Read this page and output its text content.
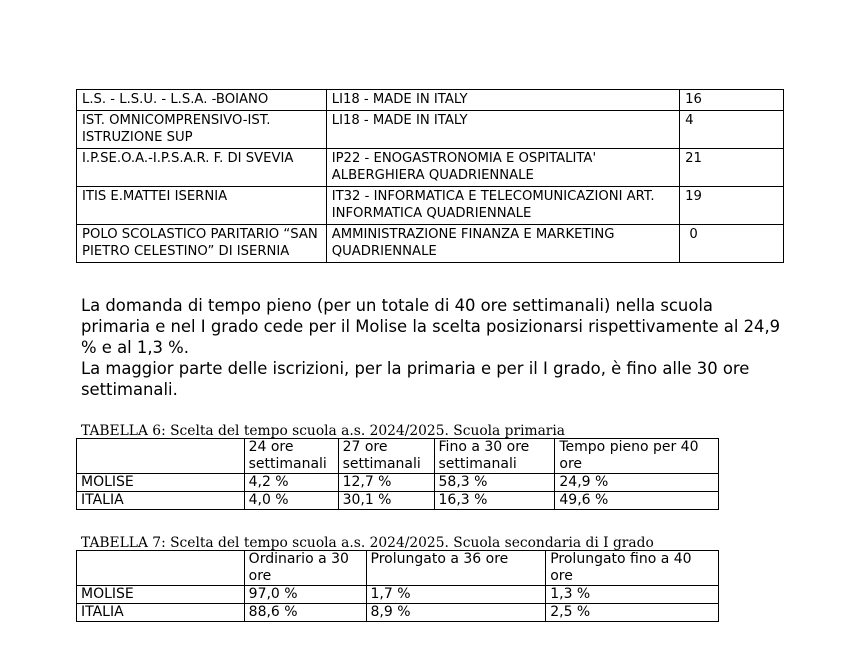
L.S. - L.S.U. - L.S.A. -BOIANO	LI18 - MADE IN ITALY	16
IST. OMNICOMPRENSIVO-IST. ISTRUZIONE SUP	LI18 - MADE IN ITALY	4
I.P.SE.O.A.-I.P.S.A.R. F. DI SVEVIA	IP22 - ENOGASTRONOMIA E OSPITALITA' ALBERGHIERA QUADRIENNALE	21
ITIS E.MATTEI ISERNIA	IT32 - INFORMATICA E TELECOMUNICAZIONI ART. INFORMATICA QUADRIENNALE	19
POLO SCOLASTICO PARITARIO “SAN PIETRO CELESTINO” DI ISERNIA	AMMINISTRAZIONE FINANZA E MARKETING QUADRIENNALE	0

La domanda di tempo pieno (per un totale di 40 ore settimanali) nella scuola primaria e nel I grado cede per il Molise la scelta posizionarsi rispettivamente al 24,9 % e al 1,3 %.

La maggior parte delle iscrizioni, per la primaria e per il I grado, è fino alle 30 ore settimanali.

TABELLA 6: Scelta del tempo scuola a.s. 2024/2025. Scuola primaria
	24 ore settimanali	27 ore settimanali	Fino a 30 ore settimanali	Tempo pieno per 40 ore
MOLISE	4,2 %	12,7 %	58,3 %	24,9 %
ITALIA	4,0 %	30,1 %	16,3 %	49,6 %
TABELLA 7: Scelta del tempo scuola a.s. 2024/2025. Scuola secondaria di I grado
	Ordinario a 30 ore	Prolungato a 36 ore	Prolungato fino a 40 ore
MOLISE	97,0 %	1,7 %	1,3 %
ITALIA	88,6 %	8,9 %	2,5 %
